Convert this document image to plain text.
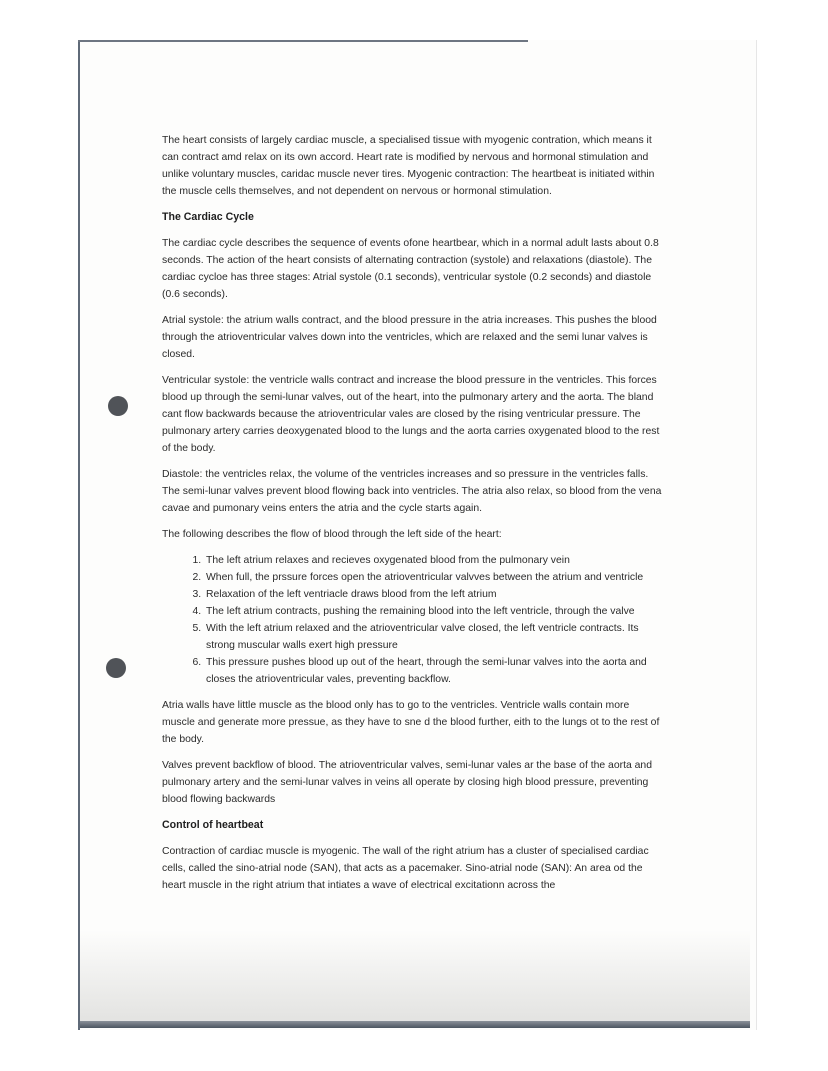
The heart consists of largely cardiac muscle, a specialised tissue with myogenic contration, which means it can contract amd relax on its own accord. Heart rate is modified by nervous and hormonal stimulation and unlike voluntary muscles, caridac muscle never tires. Myogenic contraction: The heartbeat is initiated within the muscle cells themselves, and not dependent on nervous or hormonal stimulation.

The Cardiac Cycle

The cardiac cycle describes the sequence of events ofone heartbear, which in a normal adult lasts about 0.8 seconds. The action of the heart consists of alternating contraction (systole) and relaxations (diastole). The cardiac cycloe has three stages: Atrial systole (0.1 seconds), ventricular systole (0.2 seconds) and diastole (0.6 seconds).

Atrial systole: the atrium walls contract, and the blood pressure in the atria increases. This pushes the blood through the atrioventricular valves down into the ventricles, which are relaxed and the semi lunar valves is closed.

Ventricular systole: the ventricle walls contract and increase the blood pressure in the ventricles. This forces blood up through the semi-lunar valves, out of the heart, into the pulmonary artery and the aorta. The bland cant flow backwards because the atrioventricular vales are closed by the rising ventricular pressure. The pulmonary artery carries deoxygenated blood to the lungs and the aorta carries oxygenated blood to the rest of the body.

Diastole: the ventricles relax, the volume of the ventricles increases and so pressure in the ventricles falls. The semi-lunar valves prevent blood flowing back into ventricles. The atria also relax, so blood from the vena cavae and pumonary veins enters the atria and the cycle starts again.

The following describes the flow of blood through the left side of the heart:

1. The left atrium relaxes and recieves oxygenated blood from the pulmonary vein
2. When full, the prssure forces open the atrioventricular valvves between the atrium and ventricle
3. Relaxation of the left ventriacle draws blood from the left atrium
4. The left atrium contracts, pushing the remaining blood into the left ventricle, through the valve
5. With the left atrium relaxed and the atrioventricular valve closed, the left ventricle contracts. Its strong muscular walls exert high pressure
6. This pressure pushes blood up out of the heart, through the semi-lunar valves into the aorta and closes the atrioventricular vales, preventing backflow.

Atria walls have little muscle as the blood only has to go to the ventricles. Ventricle walls contain more muscle and generate more pressue, as they have to sne d the blood further, eith to the lungs ot to the rest of the body.

Valves prevent backflow of blood. The atrioventricular valves, semi-lunar vales ar the base of the aorta and pulmonary artery and the semi-lunar valves in veins all operate by closing high blood pressure, preventing blood flowing backwards

Control of heartbeat

Contraction of cardiac muscle is myogenic. The wall of the right atrium has a cluster of specialised cardiac cells, called the sino-atrial node (SAN), that acts as a pacemaker. Sino-atrial node (SAN): An area od the heart muscle in the right atrium that intiates a wave of electrical excitationn across the
